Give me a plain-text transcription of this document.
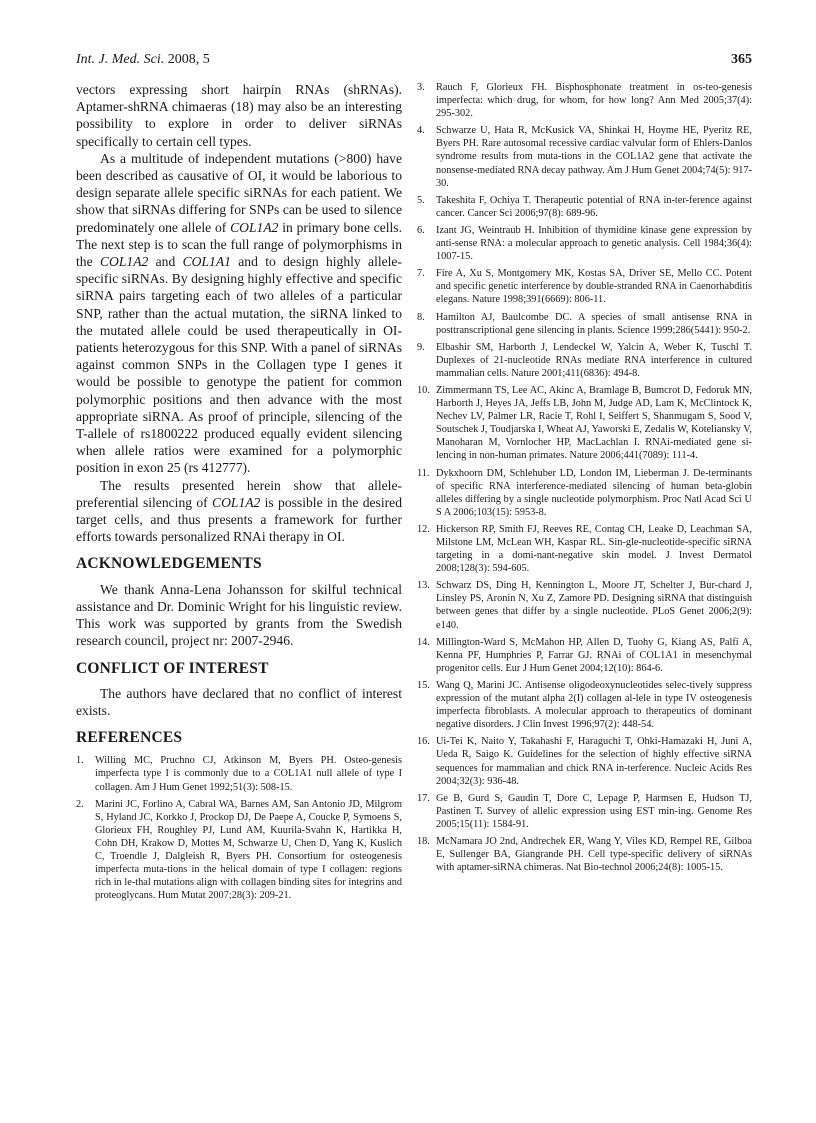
Int. J. Med. Sci. 2008, 5	365

vectors expressing short hairpin RNAs (shRNAs). Aptamer-shRNA chimaeras (18) may also be an interesting possibility to explore in order to deliver siRNAs specifically to certain cell types.

As a multitude of independent mutations (>800) have been described as causative of OI, it would be laborious to design separate allele specific siRNAs for each patient. We show that siRNAs differing for SNPs can be used to silence predominately one allele of COL1A2 in primary bone cells. The next step is to scan the full range of polymorphisms in the COL1A2 and COL1A1 and to design highly allele-specific siRNAs. By designing highly effective and specific siRNA pairs targeting each of two alleles of a particular SNP, rather than the actual mutation, the siRNA linked to the mutated allele could be used therapeutically in OI-patients heterozygous for this SNP. With a panel of siRNAs against common SNPs in the Collagen type I genes it would be possible to genotype the patient for common polymorphic positions and then advance with the most appropriate siRNA. As proof of principle, silencing of the T-allele of rs1800222 produced equally evident silencing when allele ratios were examined for a polymorphic position in exon 25 (rs 412777).

The results presented herein show that allele-preferential silencing of COL1A2 is possible in the desired target cells, and thus presents a framework for further efforts towards personalized RNAi therapy in OI.

ACKNOWLEDGEMENTS

We thank Anna-Lena Johansson for skilful technical assistance and Dr. Dominic Wright for his linguistic review. This work was supported by grants from the Swedish research council, project nr: 2007-2946.

CONFLICT OF INTEREST

The authors have declared that no conflict of interest exists.

REFERENCES
1.	Willing MC, Pruchno CJ, Atkinson M, Byers PH. Osteo-genesis imperfecta type I is commonly due to a COL1A1 null allele of type I collagen. Am J Hum Genet 1992;51(3): 508-15.
2.	Marini JC, Forlino A, Cabral WA, Barnes AM, San Antonio JD, Milgrom S, Hyland JC, Korkko J, Prockop DJ, De Paepe A, Coucke P, Symoens S, Glorieux FH, Roughley PJ, Lund AM, Kuurila-Svahn K, Hartikka H, Cohn DH, Krakow D, Mottes M, Schwarze U, Chen D, Yang K, Kuslich C, Troendle J, Dalgleish R, Byers PH. Consortium for osteogenesis imperfecta muta-tions in the helical domain of type I collagen: regions rich in le-thal mutations align with collagen binding sites for integrins and proteoglycans. Hum Mutat 2007;28(3): 209-21.
3.	Rauch F, Glorieux FH. Bisphosphonate treatment in os-teo-genesis imperfecta: which drug, for whom, for how long? Ann Med 2005;37(4): 295-302.
4.	Schwarze U, Hata R, McKusick VA, Shinkai H, Hoyme HE, Pyeritz RE, Byers PH. Rare autosomal recessive cardiac valvular form of Ehlers-Danlos syndrome results from muta-tions in the COL1A2 gene that activate the nonsense-mediated RNA decay pathway. Am J Hum Genet 2004;74(5): 917-30.
5.	Takeshita F, Ochiya T. Therapeutic potential of RNA in-ter-ference against cancer. Cancer Sci 2006;97(8): 689-96.
6.	Izant JG, Weintraub H. Inhibition of thymidine kinase gene expression by anti-sense RNA: a molecular approach to genetic analysis. Cell 1984;36(4): 1007-15.
7.	Fire A, Xu S, Montgomery MK, Kostas SA, Driver SE, Mello CC. Potent and specific genetic interference by double-stranded RNA in Caenorhabditis elegans. Nature 1998;391(6669): 806-11.
8.	Hamilton AJ, Baulcombe DC. A species of small antisense RNA in posttranscriptional gene silencing in plants. Science 1999;286(5441): 950-2.
9.	Elbashir SM, Harborth J, Lendeckel W, Yalcin A, Weber K, Tuschl T. Duplexes of 21-nucleotide RNAs mediate RNA interference in cultured mammalian cells. Nature 2001;411(6836): 494-8.
10. Zimmermann TS, Lee AC, Akinc A, Bramlage B, Bumcrot D, Fedoruk MN, Harborth J, Heyes JA, Jeffs LB, John M, Judge AD, Lam K, McClintock K, Nechev LV, Palmer LR, Racie T, Rohl I, Seiffert S, Shanmugam S, Sood V, Soutschek J, Toudjarska I, Wheat AJ, Yaworski E, Zedalis W, Koteliansky V, Manoharan M, Vornlocher HP, MacLachlan I. RNAi-mediated gene si-lencing in non-human primates. Nature 2006;441(7089): 111-4.
11. Dykxhoorn DM, Schlehuber LD, London IM, Lieberman J. De-terminants of specific RNA interference-mediated silencing of human beta-globin alleles differing by a single nucleotide polymorphism. Proc Natl Acad Sci U S A 2006;103(15): 5953-8.
12. Hickerson RP, Smith FJ, Reeves RE, Contag CH, Leake D, Leachman SA, Milstone LM, McLean WH, Kaspar RL. Sin-gle-nucleotide-specific siRNA targeting in a domi-nant-negative skin model. J Invest Dermatol 2008;128(3): 594-605.
13. Schwarz DS, Ding H, Kennington L, Moore JT, Schelter J, Bur-chard J, Linsley PS, Aronin N, Xu Z, Zamore PD. Designing siRNA that distinguish between genes that differ by a single nucleotide. PLoS Genet 2006;2(9): e140.
14. Millington-Ward S, McMahon HP, Allen D, Tuohy G, Kiang AS, Palfi A, Kenna PF, Humphries P, Farrar GJ. RNAi of COL1A1 in mesenchymal progenitor cells. Eur J Hum Genet 2004;12(10): 864-6.
15. Wang Q, Marini JC. Antisense oligodeoxynucleotides selec-tively suppress expression of the mutant alpha 2(I) collagen al-lele in type IV osteogenesis imperfecta fibroblasts. A molecular approach to therapeutics of dominant negative disorders. J Clin Invest 1996;97(2): 448-54.
16. Ui-Tei K, Naito Y, Takahashi F, Haraguchi T, Ohki-Hamazaki H, Juni A, Ueda R, Saigo K. Guidelines for the selection of highly effective siRNA sequences for mammalian and chick RNA in-terference. Nucleic Acids Res 2004;32(3): 936-48.
17. Ge B, Gurd S, Gaudin T, Dore C, Lepage P, Harmsen E, Hudson TJ, Pastinen T. Survey of allelic expression using EST min-ing. Genome Res 2005;15(11): 1584-91.
18. McNamara JO 2nd, Andrechek ER, Wang Y, Viles KD, Rempel RE, Gilboa E, Sullenger BA, Giangrande PH. Cell type-specific delivery of siRNAs with aptamer-siRNA chimeras. Nat Bio-technol 2006;24(8): 1005-15.
